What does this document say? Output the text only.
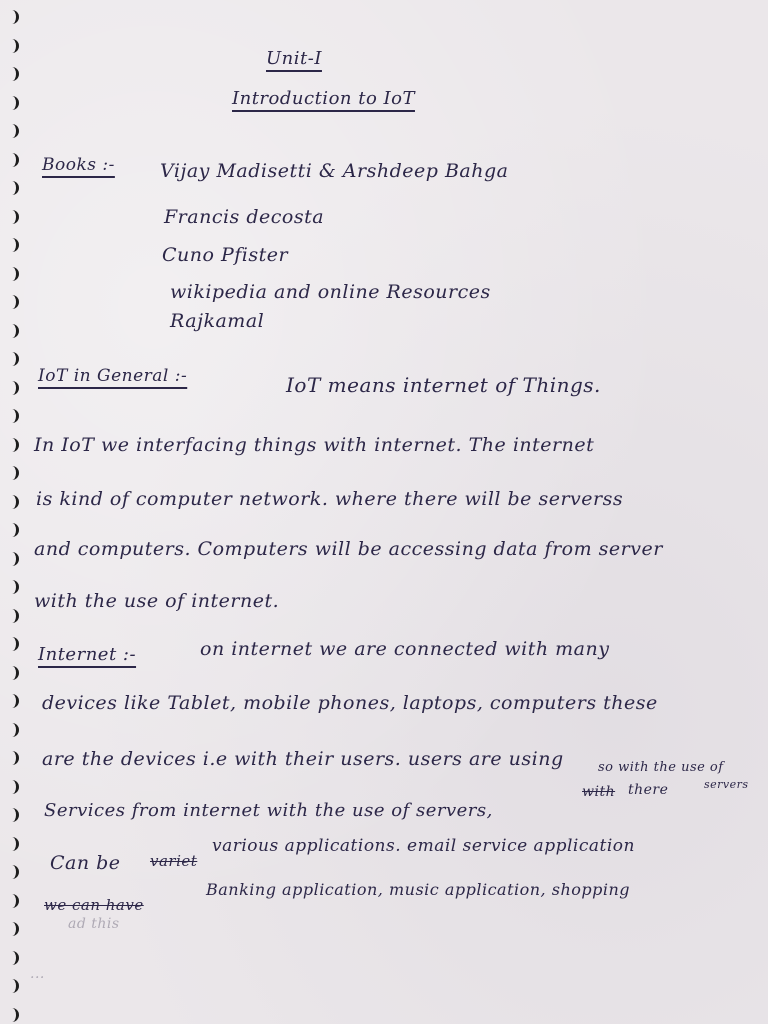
Unit-I
Introduction to IoT
Books :- Vijay Madisetti & Arshdeep Bahga
Francis decosta
Cuno Pfister
wikipedia and online Resources
Rajkamal
IoT in General :-	IoT means internet of Things.
In IoT we interfacing things with internet. The internet
is kind of computer network. where there will be serverss
and computers. Computers will be accessing data from server
with the use of internet.
Internet :-	on internet we are connected with many
devices like Tablet, mobile phones, laptops, computers these
are the devices i.e with their users. users are using	so with the use of
Services from internet with the use of servers,
with there	servers
Can be variet
various applications. email service application
we can have
Banking application, music application, shopping
ad this
...
